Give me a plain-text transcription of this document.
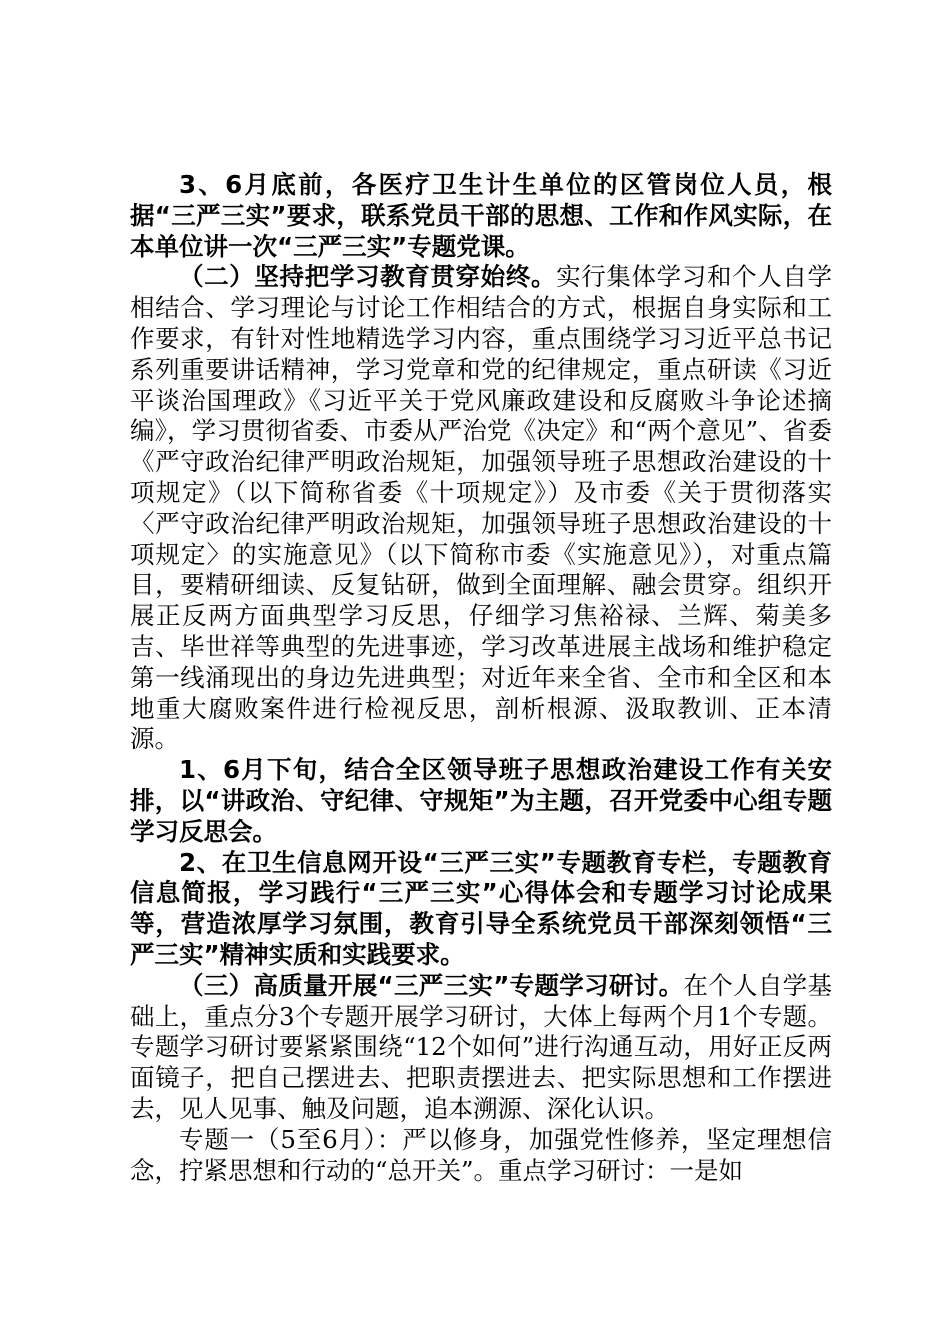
3、6月底前，各医疗卫生计生单位的区管岗位人员，根据“三严三实”要求，联系党员干部的思想、工作和作风实际，在本单位讲一次“三严三实”专题党课。

（二）坚持把学习教育贯穿始终。实行集体学习和个人自学相结合、学习理论与讨论工作相结合的方式，根据自身实际和工作要求，有针对性地精选学习内容，重点围绕学习习近平总书记系列重要讲话精神，学习党章和党的纪律规定，重点研读《习近平谈治国理政》《习近平关于党风廉政建设和反腐败斗争论述摘编》，学习贯彻省委、市委从严治党《决定》和“两个意见”、省委《严守政治纪律严明政治规矩，加强领导班子思想政治建设的十项规定》（以下简称省委《十项规定》）及市委《关于贯彻落实〈严守政治纪律严明政治规矩，加强领导班子思想政治建设的十项规定〉的实施意见》（以下简称市委《实施意见》），对重点篇目，要精研细读、反复钻研，做到全面理解、融会贯穿。组织开展正反两方面典型学习反思，仔细学习焦裕禄、兰辉、菊美多吉、毕世祥等典型的先进事迹，学习改革进展主战场和维护稳定第一线涌现出的身边先进典型；对近年来全省、全市和全区和本地重大腐败案件进行检视反思，剖析根源、汲取教训、正本清源。

1、6月下旬，结合全区领导班子思想政治建设工作有关安排，以“讲政治、守纪律、守规矩”为主题，召开党委中心组专题学习反思会。

2、在卫生信息网开设“三严三实”专题教育专栏，专题教育信息简报，学习践行“三严三实”心得体会和专题学习讨论成果等，营造浓厚学习氛围，教育引导全系统党员干部深刻领悟“三严三实”精神实质和实践要求。

（三）高质量开展“三严三实”专题学习研讨。在个人自学基础上，重点分3个专题开展学习研讨，大体上每两个月1个专题。专题学习研讨要紧紧围绕“12个如何”进行沟通互动，用好正反两面镜子，把自己摆进去、把职责摆进去、把实际思想和工作摆进去，见人见事、触及问题，追本溯源、深化认识。

专题一（5至6月）：严以修身，加强党性修养，坚定理想信念，拧紧思想和行动的“总开关”。重点学习研讨：一是如
